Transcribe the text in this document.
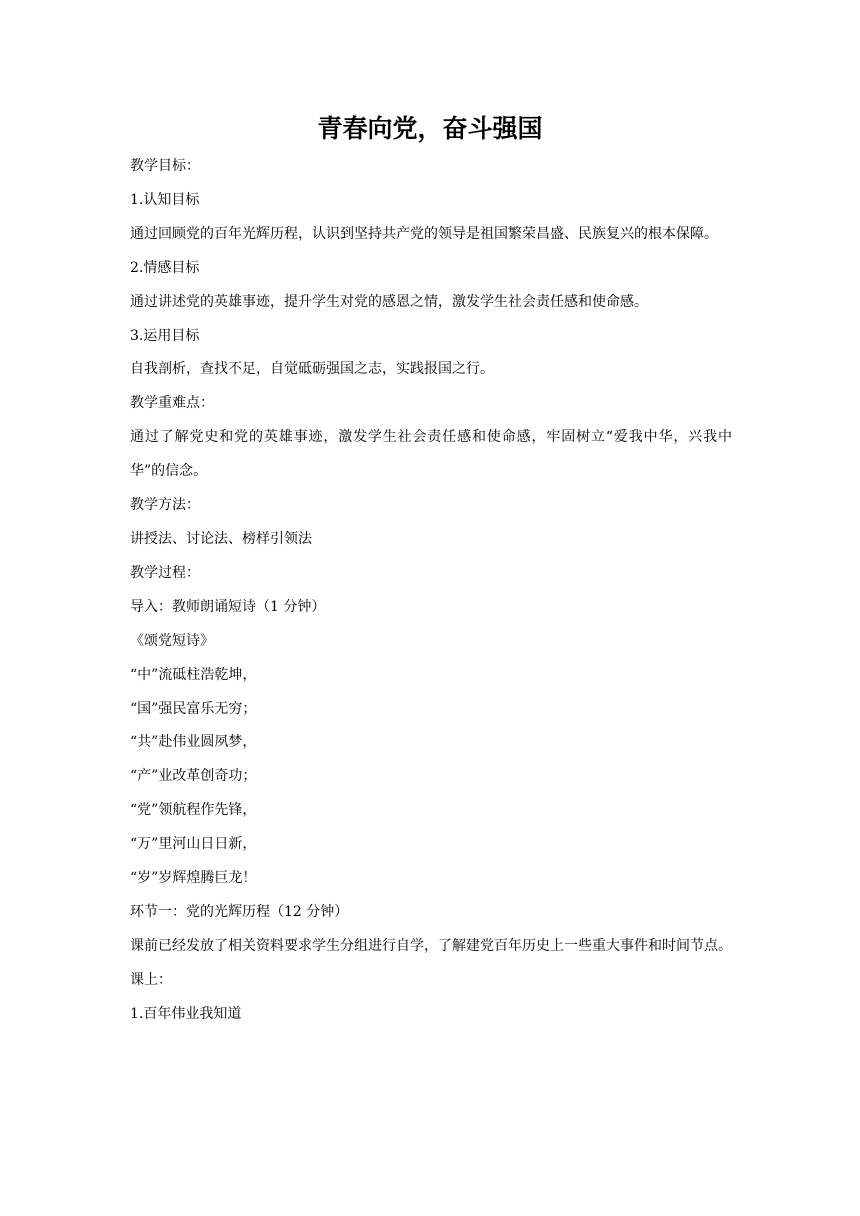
青春向党，奋斗强国

教学目标：

1.认知目标

通过回顾党的百年光辉历程，认识到坚持共产党的领导是祖国繁荣昌盛、民族复兴的根本保障。

2.情感目标

通过讲述党的英雄事迹，提升学生对党的感恩之情，激发学生社会责任感和使命感。

3.运用目标

自我剖析，查找不足，自觉砥砺强国之志，实践报国之行。

教学重难点：

通过了解党史和党的英雄事迹，激发学生社会责任感和使命感，牢固树立“爱我中华，兴我中华”的信念。

教学方法：

讲授法、讨论法、榜样引领法

教学过程：

导入：教师朗诵短诗（1 分钟）

《颂党短诗》

“中”流砥柱浩乾坤，

“国”强民富乐无穷；

“共”赴伟业圆夙梦，

“产”业改革创奇功；

“党”领航程作先锋，

“万”里河山日日新，

“岁”岁辉煌腾巨龙！

环节一：党的光辉历程（12 分钟）

课前已经发放了相关资料要求学生分组进行自学，了解建党百年历史上一些重大事件和时间节点。

课上：

1.百年伟业我知道
